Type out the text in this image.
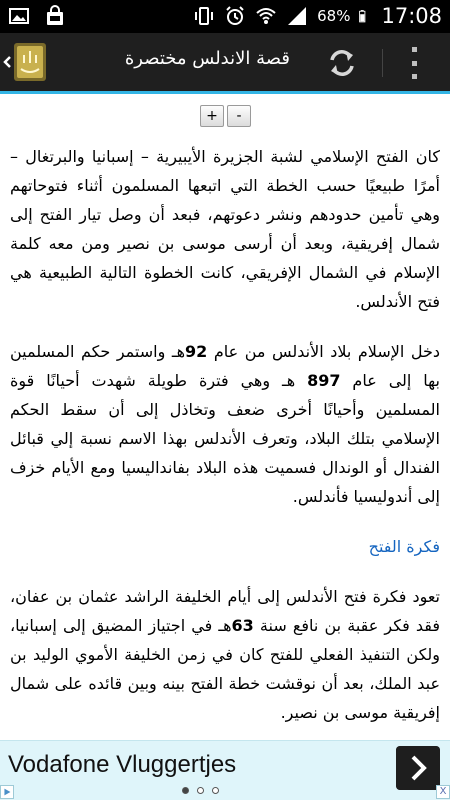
68% 17:08
قصة الاندلس مختصرة
+	-

كان الفتح الإسلامي لشبة الجزيرة الأيبيرية – إسبانيا والبرتغال – أمرًا طبيعيًا حسب الخطة التي اتبعها المسلمون أثناء فتوحاتهم وهي تأمين حدودهم ونشر دعوتهم، فبعد أن وصل تيار الفتح إلى شمال إفريقية، وبعد أن أرسى موسى بن نصير ومن معه كلمة الإسلام في الشمال الإفريقي، كانت الخطوة التالية الطبيعية هي فتح الأندلس.

دخل الإسلام بلاد الأندلس من عام 92هـ واستمر حكم المسلمين بها إلى عام 897 هـ وهي فترة طويلة شهدت أحيانًا قوة المسلمين وأحيانًا أخرى ضعف وتخاذل إلى أن سقط الحكم الإسلامي بتلك البلاد، وتعرف الأندلس بهذا الاسم نسبة إلي قبائل الفندال أو الوندال فسميت هذه البلاد بفانداليسيا ومع الأيام خزف إلى أندوليسيا فأندلس.

فكرة الفتح

تعود فكرة فتح الأندلس إلى أيام الخليفة الراشد عثمان بن عفان، فقد فكر عقبة بن نافع سنة 63هـ في اجتياز المضيق إلى إسبانيا، ولكن التنفيذ الفعلي للفتح كان في زمن الخليفة الأموي الوليد بن عبد الملك، بعد أن نوقشت خطة الفتح بينه وبين قائده على شمال إفريقية موسى بن نصير.

Vodafone Vluggertjes
X
